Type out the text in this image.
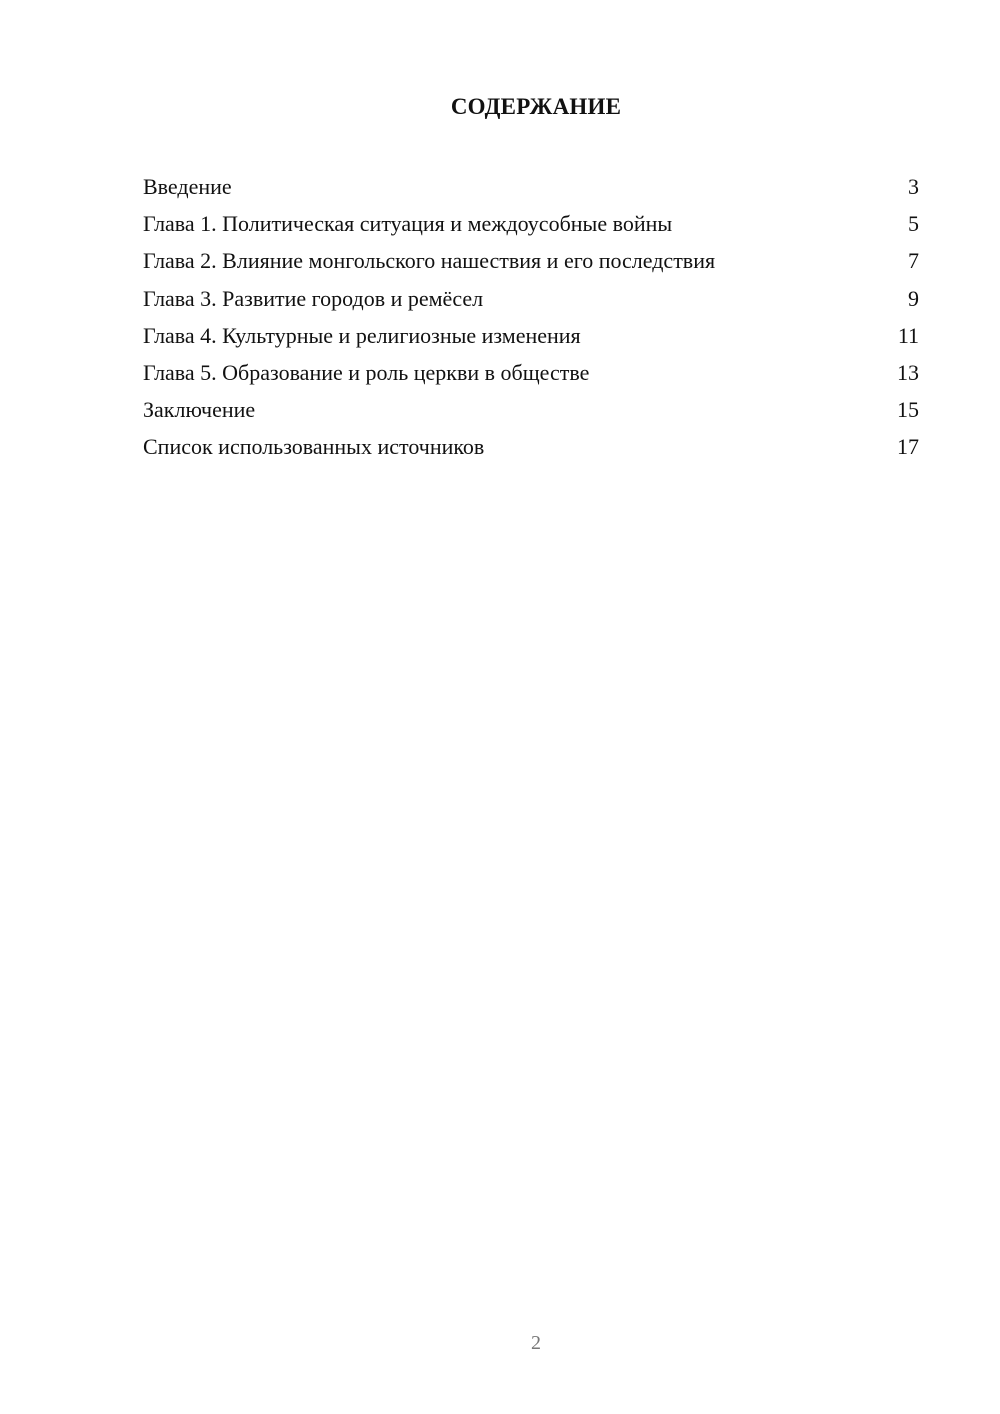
СОДЕРЖАНИЕ
Введение	3
Глава 1. Политическая ситуация и междоусобные войны	5
Глава 2. Влияние монгольского нашествия и его последствия	7
Глава 3. Развитие городов и ремёсел	9
Глава 4. Культурные и религиозные изменения	11
Глава 5. Образование и роль церкви в обществе	13
Заключение	15
Список использованных источников	17
2
